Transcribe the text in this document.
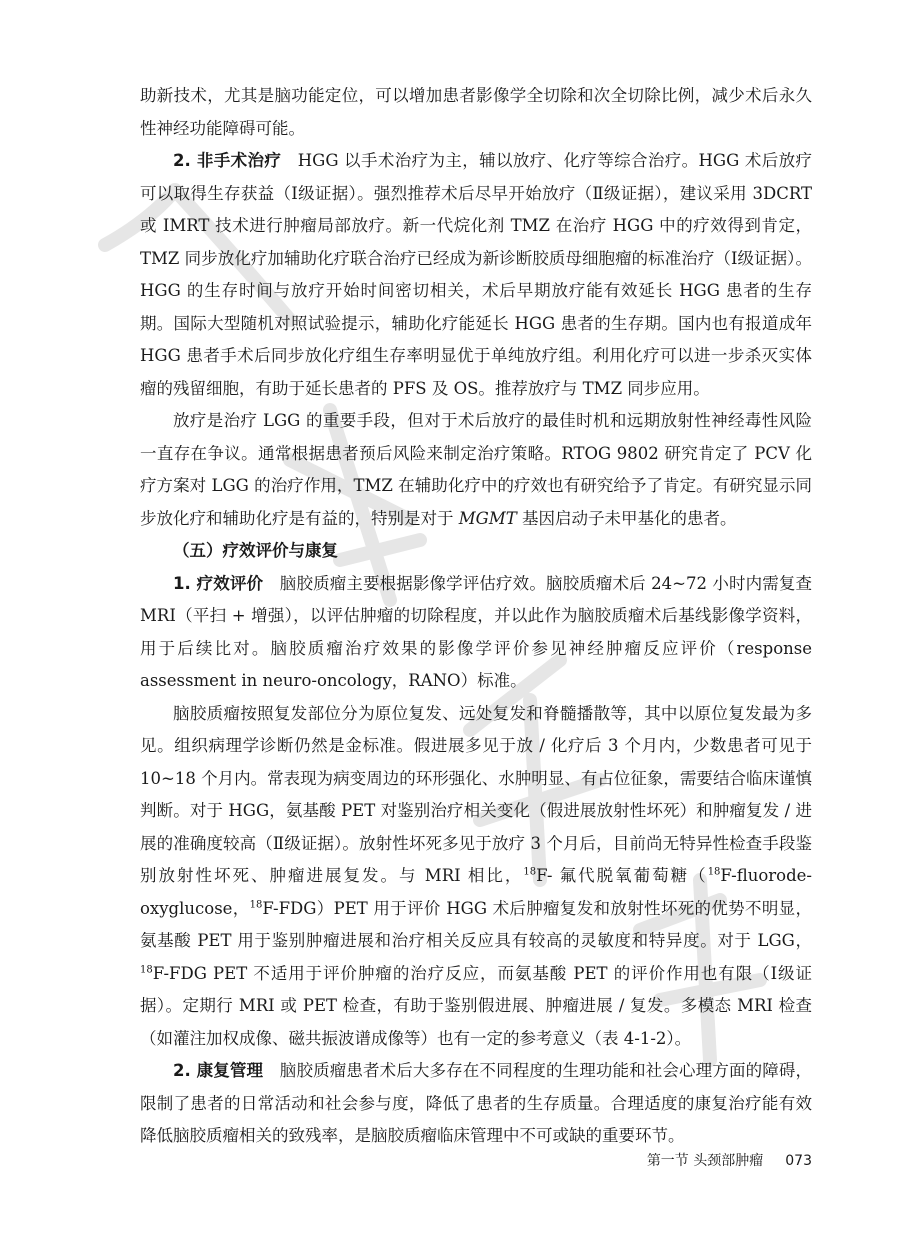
助新技术，尤其是脑功能定位，可以增加患者影像学全切除和次全切除比例，减少术后永久性神经功能障碍可能。

2. 非手术治疗 HGG 以手术治疗为主，辅以放疗、化疗等综合治疗。HGG 术后放疗可以取得生存获益（Ⅰ级证据）。强烈推荐术后尽早开始放疗（Ⅱ级证据），建议采用 3DCRT 或 IMRT 技术进行肿瘤局部放疗。新一代烷化剂 TMZ 在治疗 HGG 中的疗效得到肯定，TMZ 同步放化疗加辅助化疗联合治疗已经成为新诊断胶质母细胞瘤的标准治疗（Ⅰ级证据）。HGG 的生存时间与放疗开始时间密切相关，术后早期放疗能有效延长 HGG 患者的生存期。国际大型随机对照试验提示，辅助化疗能延长 HGG 患者的生存期。国内也有报道成年 HGG 患者手术后同步放化疗组生存率明显优于单纯放疗组。利用化疗可以进一步杀灭实体瘤的残留细胞，有助于延长患者的 PFS 及 OS。推荐放疗与 TMZ 同步应用。

放疗是治疗 LGG 的重要手段，但对于术后放疗的最佳时机和远期放射性神经毒性风险一直存在争议。通常根据患者预后风险来制定治疗策略。RTOG 9802 研究肯定了 PCV 化疗方案对 LGG 的治疗作用，TMZ 在辅助化疗中的疗效也有研究给予了肯定。有研究显示同步放化疗和辅助化疗是有益的，特别是对于 MGMT 基因启动子未甲基化的患者。

（五）疗效评价与康复

1. 疗效评价 脑胶质瘤主要根据影像学评估疗效。脑胶质瘤术后 24~72 小时内需复查 MRI（平扫 + 增强），以评估肿瘤的切除程度，并以此作为脑胶质瘤术后基线影像学资料，用于后续比对。脑胶质瘤治疗效果的影像学评价参见神经肿瘤反应评价（response assessment in neuro-oncology，RANO）标准。

脑胶质瘤按照复发部位分为原位复发、远处复发和脊髓播散等，其中以原位复发最为多见。组织病理学诊断仍然是金标准。假进展多见于放 / 化疗后 3 个月内，少数患者可见于 10~18 个月内。常表现为病变周边的环形强化、水肿明显、有占位征象，需要结合临床谨慎判断。对于 HGG，氨基酸 PET 对鉴别治疗相关变化（假进展放射性坏死）和肿瘤复发 / 进展的准确度较高（Ⅱ级证据）。放射性坏死多见于放疗 3 个月后，目前尚无特异性检查手段鉴别放射性坏死、肿瘤进展复发。与 MRI 相比，$^{18}$F- 氟代脱氧葡萄糖（$^{18}$F-fluorode-oxyglucose，$^{18}$F-FDG）PET 用于评价 HGG 术后肿瘤复发和放射性坏死的优势不明显，氨基酸 PET 用于鉴别肿瘤进展和治疗相关反应具有较高的灵敏度和特异度。对于 LGG，$^{18}$F-FDG PET 不适用于评价肿瘤的治疗反应，而氨基酸 PET 的评价作用也有限（Ⅰ级证据）。定期行 MRI 或 PET 检查，有助于鉴别假进展、肿瘤进展 / 复发。多模态 MRI 检查（如灌注加权成像、磁共振波谱成像等）也有一定的参考意义（表 4-1-2）。

2. 康复管理 脑胶质瘤患者术后大多存在不同程度的生理功能和社会心理方面的障碍，限制了患者的日常活动和社会参与度，降低了患者的生存质量。合理适度的康复治疗能有效降低脑胶质瘤相关的致残率，是脑胶质瘤临床管理中不可或缺的重要环节。

第一节 头颈部肿瘤 073
